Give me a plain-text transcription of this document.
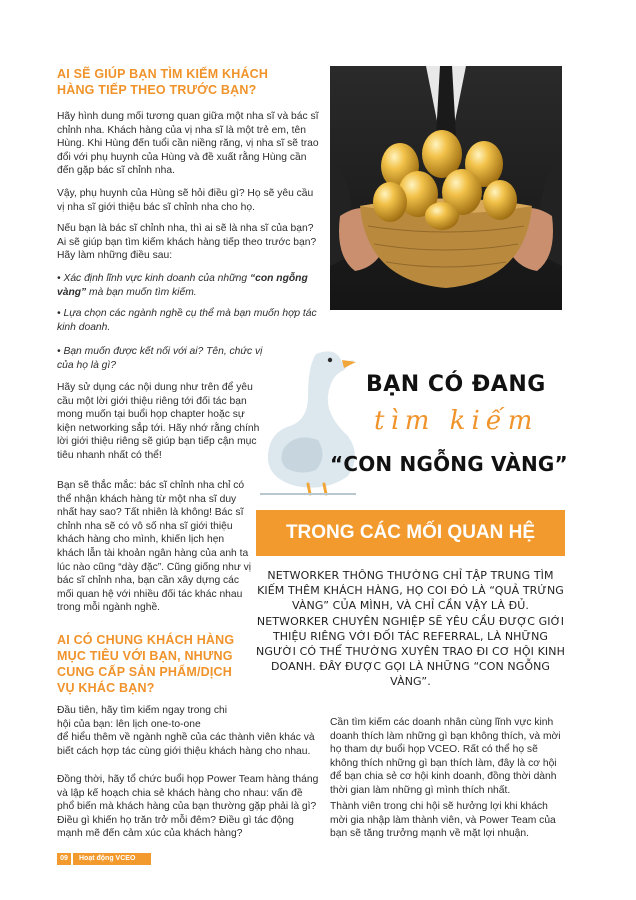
AI SẼ GIÚP BẠN TÌM KIẾM KHÁCH HÀNG TIẾP THEO TRƯỚC BẠN?

Hãy hình dung mối tương quan giữa một nha sĩ và bác sĩ chỉnh nha. Khách hàng của vị nha sĩ là một trẻ em, tên Hùng. Khi Hùng đến tuổi cần niềng răng, vị nha sĩ sẽ trao đổi với phụ huynh của Hùng và đề xuất rằng Hùng cần đến gặp bác sĩ chỉnh nha.

Vậy, phụ huynh của Hùng sẽ hỏi điều gì? Họ sẽ yêu cầu vị nha sĩ giới thiệu bác sĩ chỉnh nha cho họ.

Nếu bạn là bác sĩ chỉnh nha, thì ai sẽ là nha sĩ của bạn? Ai sẽ giúp bạn tìm kiếm khách hàng tiếp theo trước bạn? Hãy làm những điều sau:

• Xác định lĩnh vực kinh doanh của những “con ngỗng vàng” mà bạn muốn tìm kiếm.

• Lựa chọn các ngành nghề cụ thể mà bạn muốn hợp tác kinh doanh.

• Bạn muốn được kết nối với ai? Tên, chức vị của họ là gì?

Hãy sử dụng các nội dung như trên để yêu cầu một lời giới thiệu riêng tới đối tác bạn mong muốn tại buổi họp chapter hoặc sự kiện networking sắp tới. Hãy nhớ rằng chính lời giới thiệu riêng sẽ giúp bạn tiếp cận mục tiêu nhanh nhất có thể!

Bạn sẽ thắc mắc: bác sĩ chỉnh nha chỉ có thể nhận khách hàng từ một nha sĩ duy nhất hay sao? Tất nhiên là không! Bác sĩ chỉnh nha sẽ có vô số nha sĩ giới thiệu khách hàng cho mình, khiến lịch hẹn khách lẫn tài khoản ngân hàng của anh ta lúc nào cũng “dày đặc”. Cũng giống như vị bác sĩ chỉnh nha, bạn cần xây dựng các mối quan hệ với nhiều đối tác khác nhau trong mỗi ngành nghề.

AI CÓ CHUNG KHÁCH HÀNG MỤC TIÊU VỚI BẠN, NHƯNG CUNG CẤP SẢN PHẨM/DỊCH VỤ KHÁC BẠN?

Đầu tiên, hãy tìm kiếm ngay trong chi hội của bạn: lên lịch one-to-one

để hiểu thêm về ngành nghề của các thành viên khác và biết cách hợp tác cùng giới thiệu khách hàng cho nhau.

Đồng thời, hãy tổ chức buổi họp Power Team hàng tháng và lập kế hoạch chia sẻ khách hàng cho nhau: vấn đề phổ biến mà khách hàng của bạn thường gặp phải là gì? Điều gì khiến họ trăn trở mỗi đêm? Điều gì tác động mạnh mẽ đến cảm xúc của khách hàng?

BẠN CÓ ĐANG
tìm kiếm
“CON NGỖNG VÀNG”
TRONG CÁC MỐI QUAN HỆ

NETWORKER THÔNG THƯỜNG CHỈ TẬP TRUNG TÌM KIẾM THÊM KHÁCH HÀNG, HỌ COI ĐÓ LÀ “QUẢ TRỨNG VÀNG” CỦA MÌNH, VÀ CHỈ CẦN VẬY LÀ ĐỦ. NETWORKER CHUYÊN NGHIỆP SẼ YÊU CẦU ĐƯỢC GIỚI THIỆU RIÊNG VỚI ĐỐI TÁC REFERRAL, LÀ NHỮNG NGƯỜI CÓ THỂ THƯỜNG XUYÊN TRAO ĐI CƠ HỘI KINH DOANH. ĐÂY ĐƯỢC GỌI LÀ NHỮNG “CON NGỖNG VÀNG”.

Cần tìm kiếm các doanh nhân cùng lĩnh vực kinh doanh thích làm những gì bạn không thích, và mời họ tham dự buổi họp VCEO. Rất có thể họ sẽ không thích những gì bạn thích làm, đây là cơ hội để bạn chia sẻ cơ hội kinh doanh, đồng thời dành thời gian làm những gì mình thích nhất.

Thành viên trong chi hội sẽ hưởng lợi khi khách mời gia nhập làm thành viên, và Power Team của bạn sẽ tăng trưởng mạnh về mặt lợi nhuận.

09	Hoạt động VCEO
